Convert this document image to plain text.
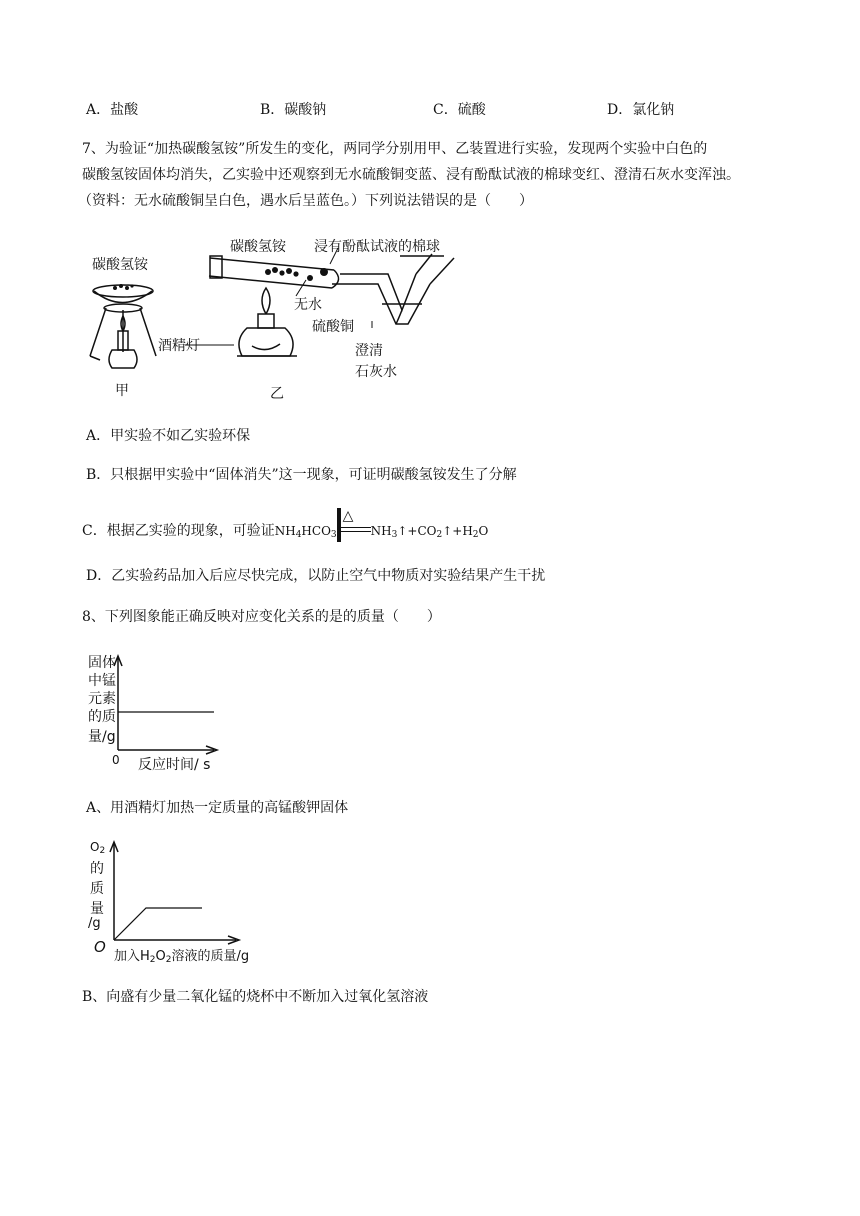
A．盐酸	B．碳酸钠	C．硫酸	D．氯化钠
7、为验证“加热碳酸氢铵”所发生的变化，两同学分别用甲、乙装置进行实验，发现两个实验中白色的
碳酸氢铵固体均消失，乙实验中还观察到无水硫酸铜变蓝、浸有酚酞试液的棉球变红、澄清石灰水变浑浊。
（资料：无水硫酸铜呈白色，遇水后呈蓝色。）下列说法错误的是（　　）
碳酸氢铵
碳酸氢铵 浸有酚酞试液的棉球
无水
硫酸铜
酒精灯	澄清
石灰水
甲	乙
A．甲实验不如乙实验环保
B．只根据甲实验中“固体消失”这一现象，可证明碳酸氢铵发生了分解
C．根据乙实验的现象，可验证 $NH_4HCO_3$
△
$NH_3↑+CO_2↑+H_2O$
D．乙实验药品加入后应尽快完成，以防止空气中物质对实验结果产生干扰
8、下列图象能正确反映对应变化关系的是的质量（　　）
固体
中锰
元素
的质
量/g
0 反应时间/ s
A、用酒精灯加热一定质量的高锰酸钾固体
$O_2$
的
质
量
/g
O
加入$H_2O_2$溶液的质量/g
B、向盛有少量二氧化锰的烧杯中不断加入过氧化氢溶液
